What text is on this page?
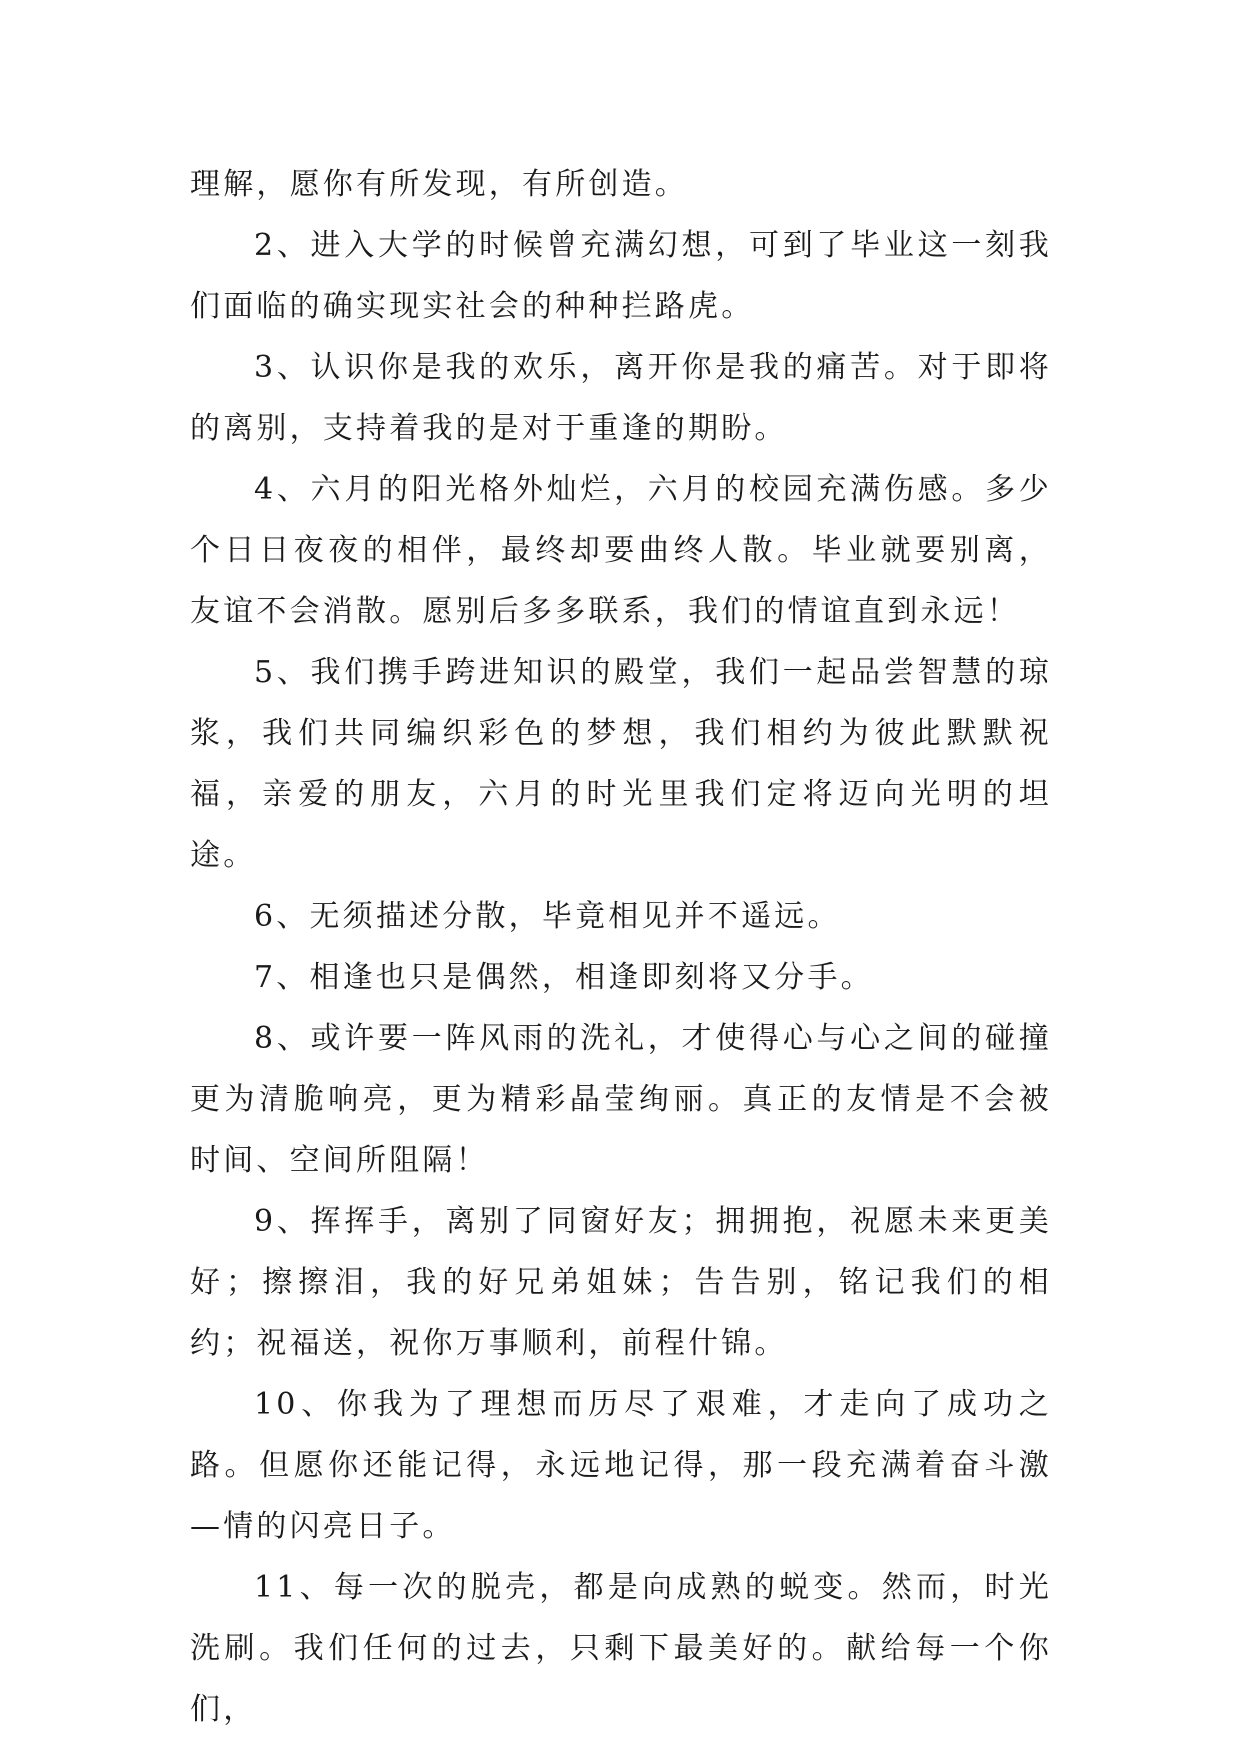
理解，愿你有所发现，有所创造。

2、进入大学的时候曾充满幻想，可到了毕业这一刻我们面临的确实现实社会的种种拦路虎。

3、认识你是我的欢乐，离开你是我的痛苦。对于即将的离别，支持着我的是对于重逢的期盼。

4、六月的阳光格外灿烂，六月的校园充满伤感。多少个日日夜夜的相伴，最终却要曲终人散。毕业就要别离，友谊不会消散。愿别后多多联系，我们的情谊直到永远！

5、我们携手跨进知识的殿堂，我们一起品尝智慧的琼浆，我们共同编织彩色的梦想，我们相约为彼此默默祝福，亲爱的朋友，六月的时光里我们定将迈向光明的坦途。

6、无须描述分散，毕竟相见并不遥远。

7、相逢也只是偶然，相逢即刻将又分手。

8、或许要一阵风雨的洗礼，才使得心与心之间的碰撞更为清脆响亮，更为精彩晶莹绚丽。真正的友情是不会被时间、空间所阻隔！

9、挥挥手，离别了同窗好友；拥拥抱，祝愿未来更美好；擦擦泪，我的好兄弟姐妹；告告别，铭记我们的相约；祝福送，祝你万事顺利，前程什锦。

10、你我为了理想而历尽了艰难，才走向了成功之路。但愿你还能记得，永远地记得，那一段充满着奋斗激—情的闪亮日子。

11、每一次的脱壳，都是向成熟的蜕变。然而，时光洗刷。我们任何的过去，只剩下最美好的。献给每一个你们，
